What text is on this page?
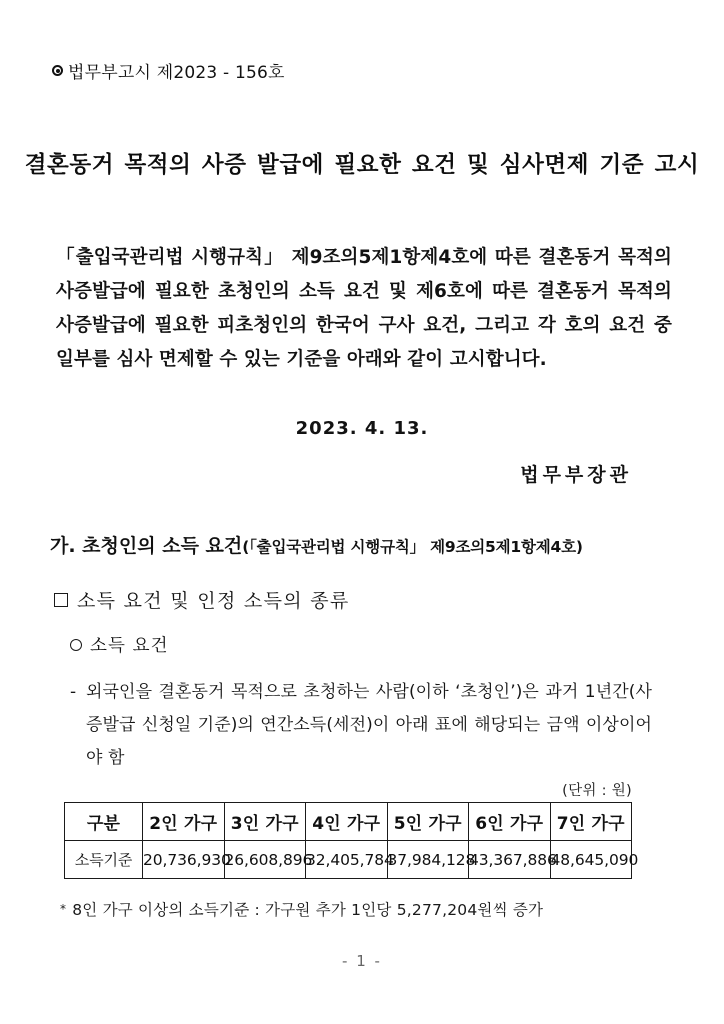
법무부고시 제2023 - 156호
결혼동거 목적의 사증 발급에 필요한 요건 및 심사면제 기준 고시

「출입국관리법 시행규칙」 제9조의5제1항제4호에 따른 결혼동거 목적의 사증발급에 필요한 초청인의 소득 요건 및 제6호에 따른 결혼동거 목적의 사증발급에 필요한 피초청인의 한국어 구사 요건, 그리고 각 호의 요건 중 일부를 심사 면제할 수 있는 기준을 아래와 같이 고시합니다.

2023. 4. 13.
법무부장관
가. 초청인의 소득 요건(「출입국관리법 시행규칙」 제9조의5제1항제4호)
소득 요건 및 인정 소득의 종류
소득 요건
- 외국인을 결혼동거 목적으로 초청하는 사람(이하 ‘초청인’)은 과거 1년간(사증발급 신청일 기준)의 연간소득(세전)이 아래 표에 해당되는 금액 이상이어야 함
(단위 : 원)
구분	2인 가구	3인 가구	4인 가구	5인 가구	6인 가구	7인 가구
소득기준	20,736,930	26,608,896	32,405,784	37,984,128	43,367,886	48,645,090
* 8인 가구 이상의 소득기준 : 가구원 추가 1인당 5,277,204원씩 증가
- 1 -
